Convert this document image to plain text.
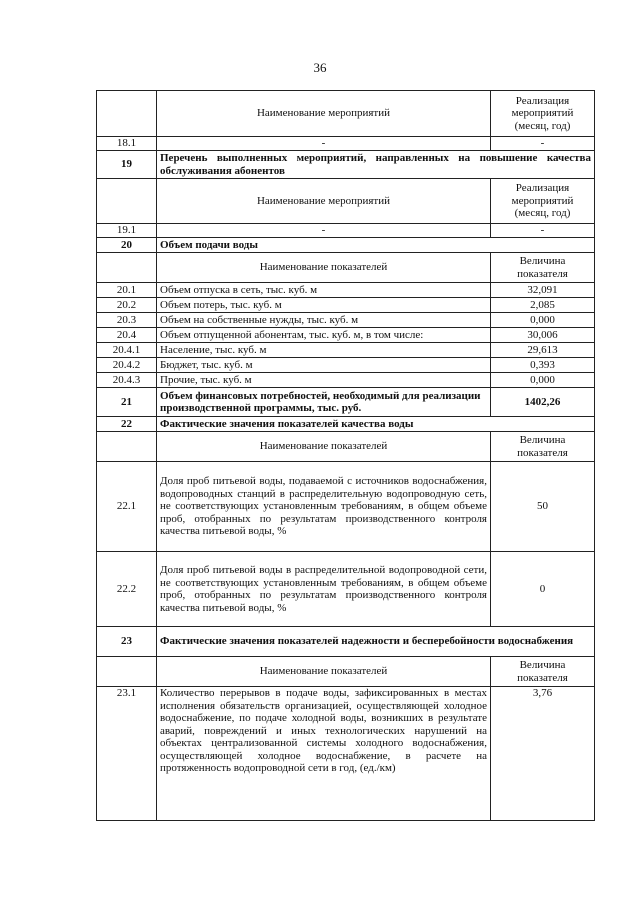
36
	Наименование мероприятий	Реализация мероприятий (месяц, год)
18.1	-	-
19	Перечень выполненных мероприятий, направленных на повышение качества обслуживания абонентов	
	Наименование мероприятий	Реализация мероприятий (месяц, год)
19.1	-	-
20	Объем подачи воды	
	Наименование показателей	Величина показателя
20.1	Объем отпуска в сеть, тыс. куб. м	32,091
20.2	Объем потерь, тыс. куб. м	2,085
20.3	Объем на собственные нужды, тыс. куб. м	0,000
20.4	Объем отпущенной абонентам, тыс. куб. м, в том числе:	30,006
20.4.1	Население, тыс. куб. м	29,613
20.4.2	Бюджет, тыс. куб. м	0,393
20.4.3	Прочие, тыс. куб. м	0,000
21	Объем финансовых потребностей, необходимый для реализации производственной программы, тыс. руб.	1402,26
22	Фактические значения показателей качества воды	
	Наименование показателей	Величина показателя
22.1	Доля проб питьевой воды, подаваемой с источников водоснабжения, водопроводных станций в распределительную водопроводную сеть, не соответствующих установленным требованиям, в общем объеме проб, отобранных по результатам производственного контроля качества питьевой воды, %	50
22.2	Доля проб питьевой воды в распределительной водопроводной сети, не соответствующих установленным требованиям, в общем объеме проб, отобранных по результатам производственного контроля качества питьевой воды, %	0
23	Фактические значения показателей надежности и бесперебойности водоснабжения	
	Наименование показателей	Величина показателя
23.1	Количество перерывов в подаче воды, зафиксированных в местах исполнения обязательств организацией, осуществляющей холодное водоснабжение, по подаче холодной воды, возникших в результате аварий, повреждений и иных технологических нарушений на объектах централизованной системы холодного водоснабжения, осуществляющей холодное водоснабжение, в расчете на протяженность водопроводной сети в год, (ед./км)	3,76
